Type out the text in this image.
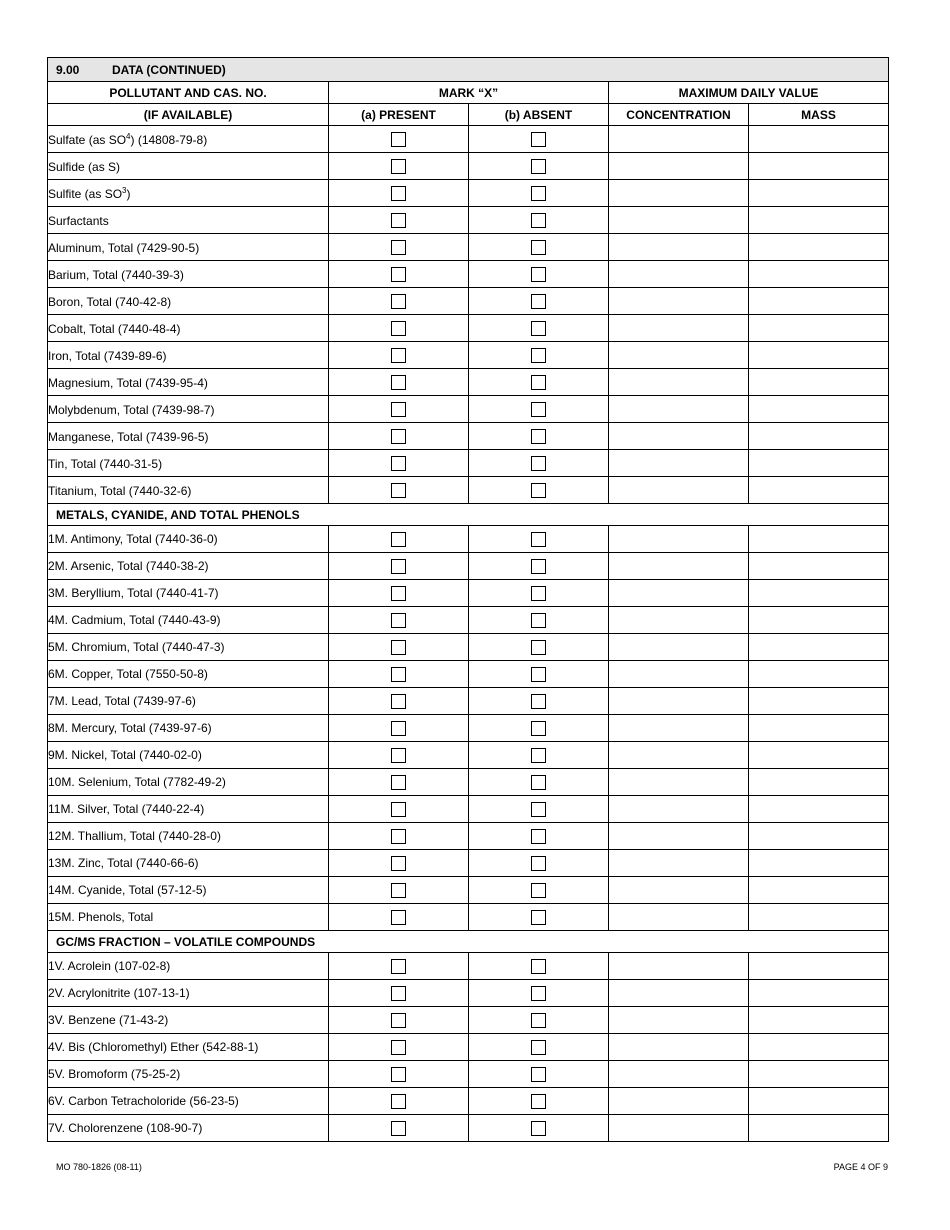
9.00 DATA (CONTINUED)				
POLLUTANT AND CAS. NO.	MARK “X”		MAXIMUM DAILY VALUE	
(IF AVAILABLE)	(a) PRESENT	(b) ABSENT	CONCENTRATION	MASS
Sulfate (as $SO^4$) (14808-79-8)				
Sulfide (as S)				
Sulfite (as $SO^3$)				
Surfactants				
Aluminum, Total (7429-90-5)				
Barium, Total (7440-39-3)				
Boron, Total (740-42-8)				
Cobalt, Total (7440-48-4)				
Iron, Total (7439-89-6)				
Magnesium, Total (7439-95-4)				
Molybdenum, Total (7439-98-7)				
Manganese, Total (7439-96-5)				
Tin, Total (7440-31-5)				
Titanium, Total (7440-32-6)				
METALS, CYANIDE, AND TOTAL PHENOLS				
1M. Antimony, Total (7440-36-0)				
2M. Arsenic, Total (7440-38-2)				
3M. Beryllium, Total (7440-41-7)				
4M. Cadmium, Total (7440-43-9)				
5M. Chromium, Total (7440-47-3)				
6M. Copper, Total (7550-50-8)				
7M. Lead, Total (7439-97-6)				
8M. Mercury, Total (7439-97-6)				
9M. Nickel, Total (7440-02-0)				
10M. Selenium, Total (7782-49-2)				
11M. Silver, Total (7440-22-4)				
12M. Thallium, Total (7440-28-0)				
13M. Zinc, Total (7440-66-6)				
14M. Cyanide, Total (57-12-5)				
15M. Phenols, Total				
GC/MS FRACTION – VOLATILE COMPOUNDS				
1V. Acrolein (107-02-8)				
2V. Acrylonitrite (107-13-1)				
3V. Benzene (71-43-2)				
4V. Bis (Chloromethyl) Ether (542-88-1)				
5V. Bromoform (75-25-2)				
6V. Carbon Tetracholoride (56-23-5)				
7V. Cholorenzene (108-90-7)				
MO 780-1826 (08-11)	PAGE 4 OF 9
